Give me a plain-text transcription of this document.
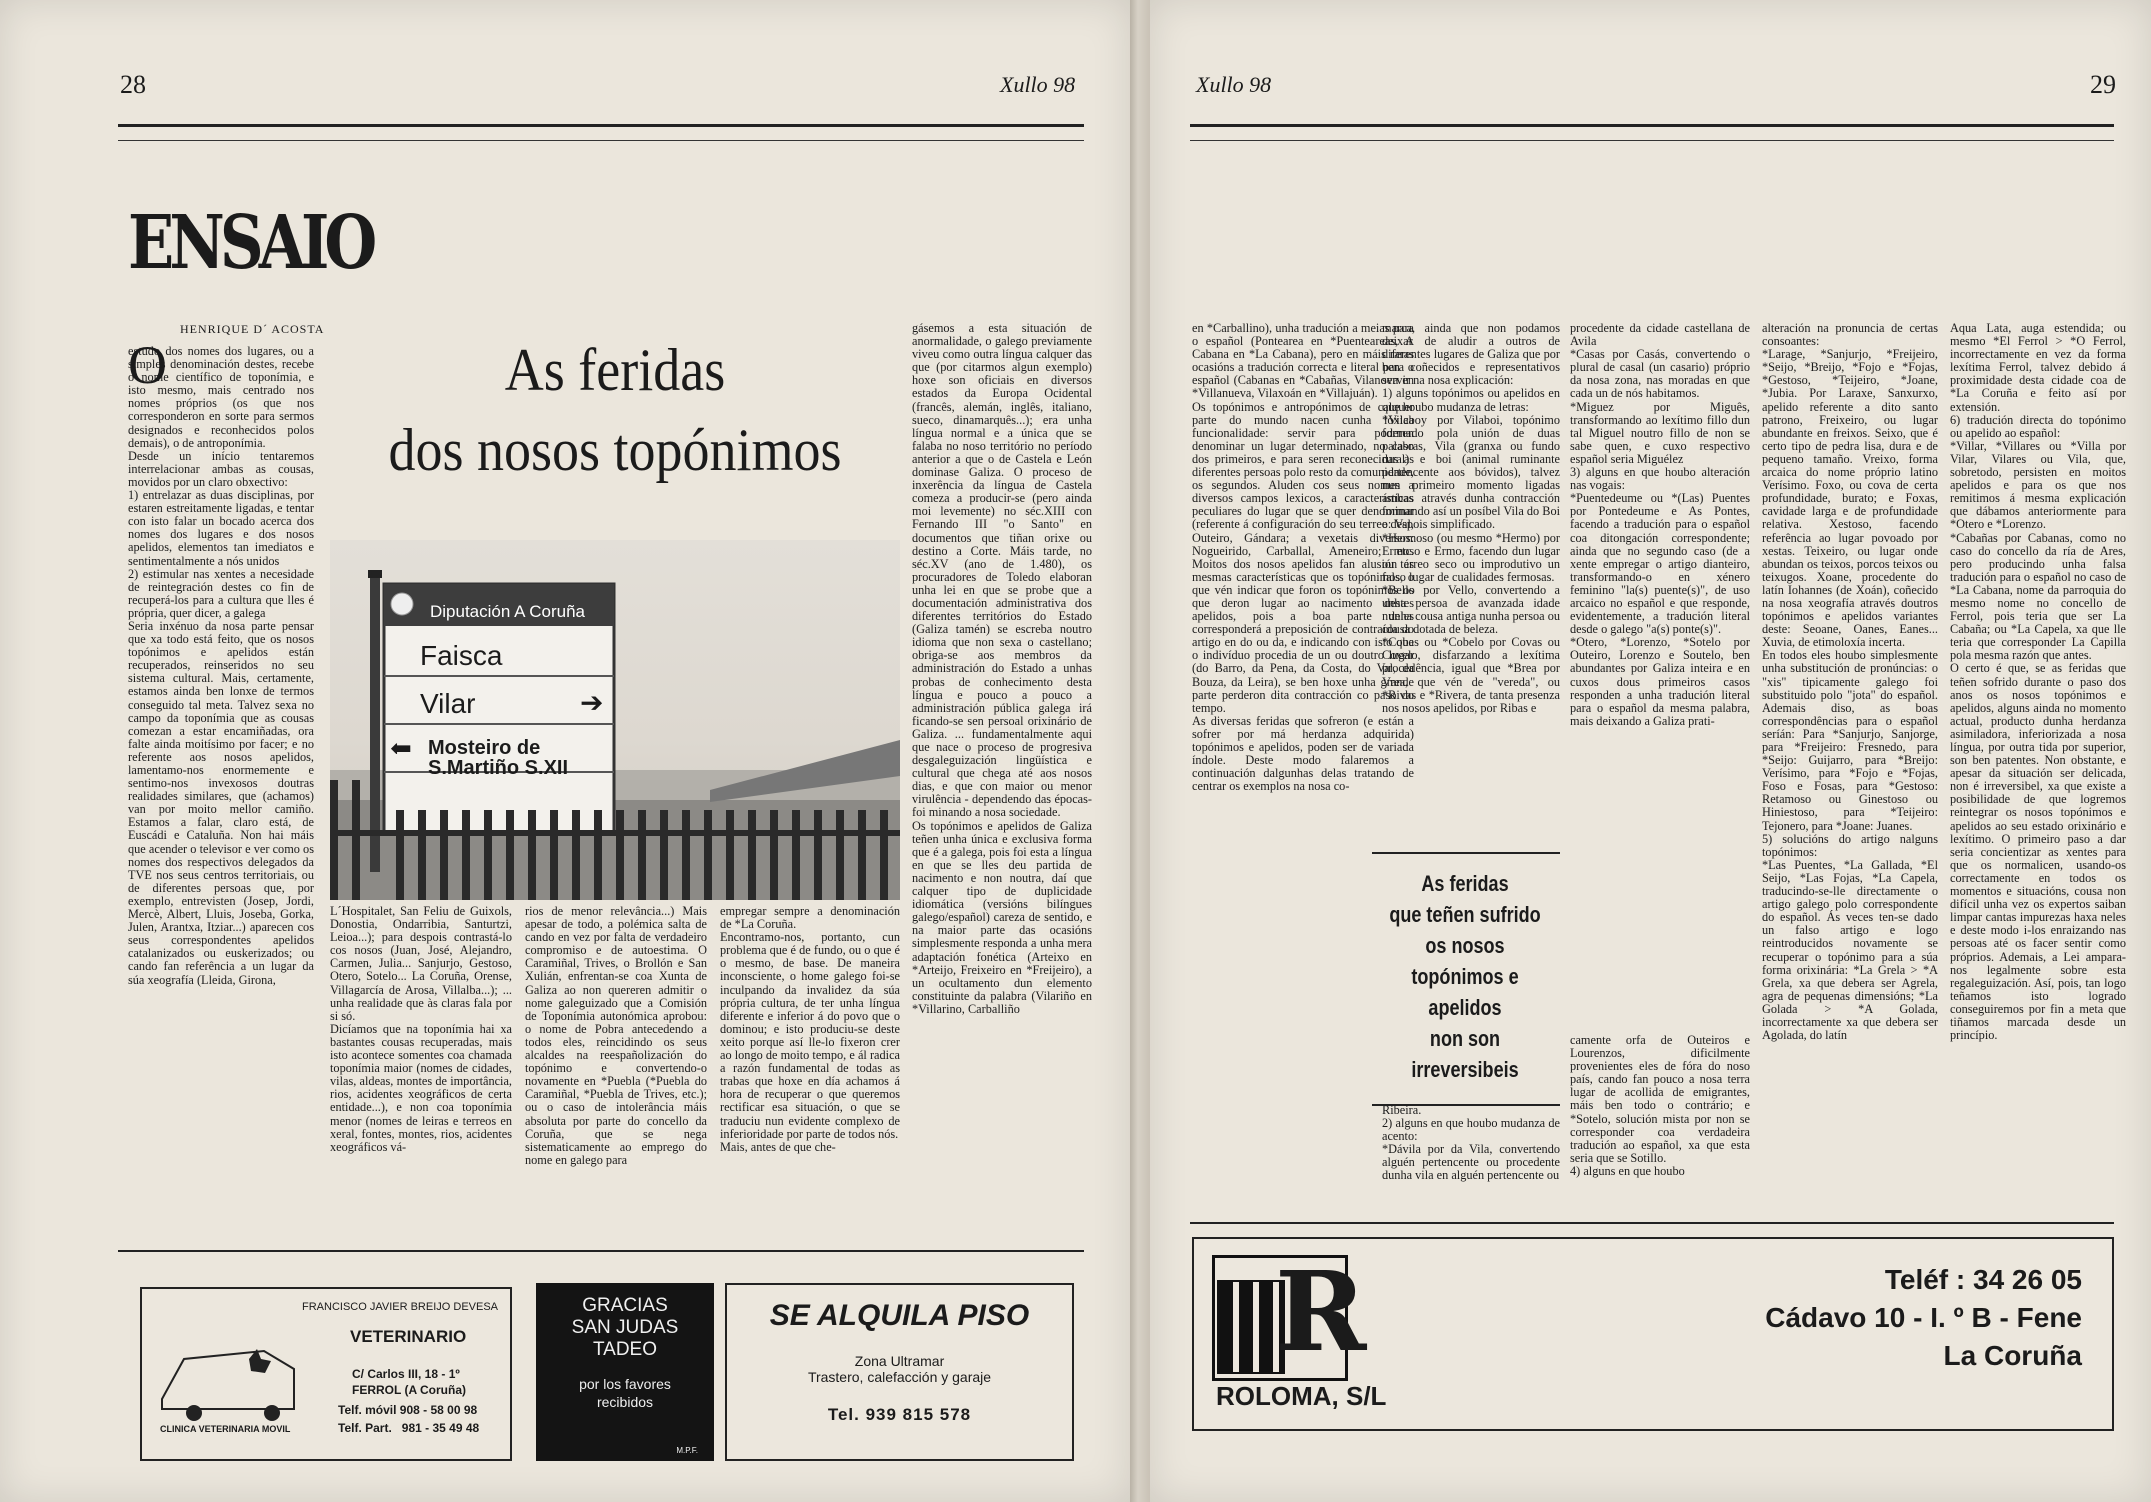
28	Xullo 98
ENSAIO
HENRIQUE D´ ACOSTA
O	As feridas
dos nosos topónimos
estudo dos nomes dos lugares, ou a simples denominación destes, recebe o nome científico de toponímia, e isto mesmo, mais centrado nos nomes próprios (os que nos corresponderon en sorte para sermos designados e reconhecidos polos demais), o de antroponímia.
Desde un início tentaremos interrelacionar ambas as cousas, movidos por un claro obxectivo:
1) entrelazar as duas disciplinas, por estaren estreitamente ligadas, e tentar con isto falar un bocado acerca dos nomes dos lugares e dos nosos apelidos, elementos tan imediatos e sentimentalmente a nós unidos
2) estimular nas xentes a necesidade de reintegración destes co fin de recuperá-los para a cultura que lles é própria, quer dicer, a galega
Seria inxénuo da nosa parte pensar que xa todo está feito, que os nosos topónimos e apelidos están recuperados, reinseridos no seu sistema cultural. Mais, certamente, estamos ainda ben lonxe de termos conseguido tal meta. Talvez sexa no campo da toponímia que as cousas comezan a estar encamiñadas, ora falte ainda moitísimo por facer; e no referente aos nosos apelidos, lamentamo-nos enormemente e sentimo-nos invexosos doutras realidades similares, que (achamos) van por moito mellor camiño. Estamos a falar, claro está, de Euscádi e Cataluña. Non hai máis que acender o televisor e ver como os nomes dos respectivos delegados da TVE nos seus centros territoriais, ou de diferentes persoas que, por exemplo, entrevisten (Josep, Jordi, Mercè, Albert, Lluis, Joseba, Gorka, Julen, Arantxa, Itziar...) aparecen cos seus correspondentes apelidos catalanizados ou euskerizados; ou cando fan referência a un lugar da súa xeografía (Lleida, Girona,
Diputación A Coruña
Faisca
Vilar	➔
⬅ Mosteiro de
S.Martiño S.XII
L´Hospitalet, San Feliu de Guixols, Donostia, Ondarribia, Santurtzi, Leioa...); para despois contrastá-lo cos nosos (Juan, José, Alejandro, Carmen, Julia... Sanjurjo, Gestoso, Otero, Sotelo... La Coruña, Orense, Villagarcía de Arosa, Villalba...); ... unha realidade que às claras fala por si só.
Dicíamos que na toponímia hai xa bastantes cousas recuperadas, mais isto acontece somentes coa chamada toponímia maior (nomes de cidades, vilas, aldeas, montes de importância, rios, acidentes xeográficos de certa entidade...), e non coa toponímia menor (nomes de leiras e terreos en xeral, fontes, montes, rios, acidentes xeográficos vá-
rios de menor relevância...) Mais apesar de todo, a polémica salta de cando en vez por falta de verdadeiro compromiso e de autoestima. O Caramiñal, Trives, o Brollón e San Xulián, enfrentan-se coa Xunta de Galiza ao non quereren admitir o nome galeguizado que a Comisión de Toponímia autonómica aprobou: o nome de Pobra antecedendo a todos eles, reincidindo os seus alcaldes na reespañolización do topónimo e convertendo-o novamente en *Puebla (*Puebla do Caramiñal, *Puebla de Trives, etc.); ou o caso de intolerância máis absoluta por parte do concello da Coruña, que se nega sistematicamente ao emprego do nome en galego para
empregar sempre a denominación de *La Coruña.
Encontramo-nos, portanto, cun problema que é de fundo, ou o que é o mesmo, de base. De maneira inconsciente, o home galego foi-se inculpando da invalidez da súa própria cultura, de ter unha língua diferente e inferior á do povo que o dominou; e isto produciu-se deste xeito porque así lle-lo fixeron crer ao longo de moito tempo, e ál radica a razón fundamental de todas as trabas que hoxe en día achamos á hora de recuperar o que queremos rectificar esa situación, o que se traduciu nun evidente complexo de inferioridade por parte de todos nós.
Mais, antes de que che-
gásemos a esta situación de anormalidade, o galego previamente viveu como outra língua calquer das que (por citarmos algun exemplo) hoxe son oficiais en diversos estados da Europa Ocidental (francês, alemán, inglês, italiano, sueco, dinamarquês...); era unha língua normal e a única que se falaba no noso território no período anterior a que o de Castela e León dominase Galiza. O proceso de inxerência da língua de Castela comeza a producir-se (pero ainda moi levemente) no séc.XIII con Fernando III "o Santo" en documentos que tiñan orixe ou destino a Corte. Máis tarde, no séc.XV (ano de 1.480), os procuradores de Toledo elaboran unha lei en que se probe que a documentación administrativa dos diferentes territórios do Estado (Galiza tamén) se escreba noutro idioma que non sexa o castellano; obriga-se aos membros da administración do Estado a unhas probas de conhecimento desta língua e pouco a pouco a administración pública galega irá ficando-se sen persoal orixinário de Galiza. ... fundamentalmente aqui que nace o proceso de progresiva desgaleguización lingüística e cultural que chega até aos nosos dias, e que con maior ou menor virulência - dependendo das épocas- foi minando a nosa sociedade.
Os topónimos e apelidos de Galiza teñen unha única e exclusiva forma que é a galega, pois foi esta a língua en que se lles deu partida de nacimento e non noutra, daí que calquer tipo de duplicidade idiomática (versións bilíngues galego/español) careza de sentido, e na maior parte das ocasións simplesmente responda a unha mera adaptación fonética (Arteixo en *Arteijo, Freixeiro en *Freijeiro), a un ocultamento dun elemento constituinte da palabra (Vilariño en *Villarino, Carballiño
FRANCISCO JAVIER BREIJO DEVESA
VETERINARIO
CLINICA VETERINARIA MOVIL
C/ Carlos III, 18 - 1º
FERROL (A Coruña)
Telf. móvil 908 - 58 00 98
Telf. Part.   981 - 35 49 48
GRACIAS
SAN JUDAS
TADEO
por los favores
recibidos
M.P.F.
SE ALQUILA PISO
Zona Ultramar
Trastero, calefacción y garaje
Tel. 939 815 578
Xullo 98	29
en *Carballino), unha tradución a meias para o español (Pontearea en *Puenteareas, A Cabana en *La Cabana), pero en máis raras ocasións a tradución correcta e literal para o español (Cabanas en *Cabañas, Vilanova en *Villanueva, Vilaxoán en *Villajuán).
Os topónimos e antropónimos de calquer parte do mundo nacen cunha lóxica funcionalidade: servir para poderen denominar un lugar determinado, no caso dos primeiros, e para seren reconecidas as diferentes persoas polo resto da comunidade, os segundos. Aluden cos seus nomes a diversos campos lexicos, a características peculiares do lugar que se quer denominar (referente á configuración do seu terreo: Val, Outeiro, Gándara; a vexetais diversos: Nogueirido, Carballal, Ameneiro; etc. Moitos dos nosos apelidos fan alusión ás mesmas características que os topónimos, o que vén indicar que foron os topónimos os que deron lugar ao nacimento destes apelidos, pois a boa parte deles corresponderá a preposición de contraída do artigo en do ou da, e indicando con isto que o indivíduo procedia de un ou doutro lugar (do Barro, da Pena, da Costa, do Val, da Bouza, da Leira), se ben hoxe unha grande parte perderon dita contracción co paso do tempo.
As diversas feridas que sofreron (e están a sofrer por má herdanza adquirida) topónimos e apelidos, poden ser de variada índole. Deste modo falaremos a continuación dalgunhas delas tratando de centrar os exemplos na nosa co-
marca, ainda que non podamos deixar de aludir a outros de diferentes lugares de Galiza que por ben coñecidos e representativos servir na nosa explicación:
1) alguns topónimos ou apelidos en que houbo mudanza de letras:
*Vilaboy por Vilaboi, topónimo formado pola unión de duas palabras, Vila (granxa ou fundo rural) e boi (animal ruminante pertencente aos bóvidos), talvez nun primeiro momento ligadas ambas através dunha contracción formando así un posíbel Vila do Boi e despois simplificado.
*Hermoso (ou mesmo *Hermo) por Ermoso e Ermo, facendo dun lugar ou terreo seco ou improdutivo un falso lugar de cualidades fermosas.
*Bello por Vello, convertendo a unha persoa de avanzada idade nunha cousa antiga nunha persoa ou cousa dotada de beleza.
*Cobas ou *Cobelo por Covas ou Covelo, disfarzando a lexítima procedência, igual que *Brea por Vrea, que vén de "vereda", ou *Rivas e *Rivera, de tanta presenza nos nosos apelidos, por Ribas e
procedente da cidade castellana de Avila
*Casas por Casás, convertendo o plural de casal (un casario) próprio da nosa zona, nas moradas en que cada un de nós habitamos.
*Miguez por Miguês, transformando ao lexítimo fillo dun tal Miguel noutro fillo de non se sabe quen, e cuxo respectivo español seria Miguélez
3) alguns en que houbo alteración nas vogais:
*Puentedeume ou *(Las) Puentes por Pontedeume e As Pontes, facendo a tradución para o español coa ditongación correspondente; ainda que no segundo caso (de a xente empregar o artigo dianteiro, transformando-o en xénero feminino "la(s) puente(s)", de uso arcaico no español e que responde, evidentemente, a tradución literal desde o galego "a(s) ponte(s)".
*Otero, *Lorenzo, *Sotelo por Outeiro, Lorenzo e Soutelo, ben abundantes por Galiza inteira e en cuxos dous primeiros casos responden a unha tradución literal para o español da mesma palabra, mais deixando a Galiza prati-
camente orfa de Outeiros e Lourenzos, dificilmente provenientes eles de fóra do noso país, cando fan pouco a nosa terra lugar de acollida de emigrantes, máis ben todo o contrário; e *Sotelo, solución mista por non se corresponder coa verdadeira tradución ao español, xa que esta seria que se Sotillo.
4) alguns en que houbo
Ribeira.
2) alguns en que houbo mudanza de acento:
*Dávila por da Vila, convertendo alguén pertencente ou procedente dunha vila en alguén pertencente ou
alteración na pronuncia de certas consoantes:
*Larage, *Sanjurjo, *Freijeiro, *Seijo, *Breijo, *Fojo e *Fojas, *Gestoso, *Teijeiro, *Joane, *Jubia. Por Laraxe, Sanxurxo, apelido referente a dito santo patrono, Freixeiro, ou lugar abundante en freixos. Seixo, que é certo tipo de pedra lisa, dura e de pequeno tamaño. Vreixo, forma arcaica do nome próprio latino Verísimo. Foxo, ou cova de certa profundidade, burato; e Foxas, cavidade larga e de profundidade relativa. Xestoso, facendo referência ao lugar povoado por xestas. Teixeiro, ou lugar onde abundan os teixos, porcos teixos ou teixugos. Xoane, procedente do latín Iohannes (de Xoán), coñecido na nosa xeografía através doutros topónimos e apelidos variantes deste: Seoane, Oanes, Eanes... Xuvia, de etimoloxía incerta.
En todos eles houbo simplesmente unha substitución de pronúncias: o "xis" tipicamente galego foi substituido polo "jota" do español. Ademais diso, as boas correspondências para o español seríán: Para *Sanjurjo, Sanjorge, para *Freijeiro: Fresnedo, para *Seijo: Guijarro, para *Breijo: Verísimo, para *Fojo e *Fojas, Foso e Fosas, para *Gestoso: Retamoso ou Ginestoso ou Hiniestoso, para *Teijeiro: Tejonero, para *Joane: Juanes.
5) solucións do artigo nalguns topónimos:
*Las Puentes, *La Gallada, *El Seijo, *Las Fojas, *La Capela, traducindo-se-lle directamente o artigo galego polo correspondente do español. Ás veces ten-se dado un falso artigo e logo reintroducidos novamente se recuperar o topónimo para a súa forma orixinária: *La Grela > *A Grela, xa que debera ser Agrela, agra de pequenas dimensións; *La Golada > *A Golada, incorrectamente xa que debera ser Agolada, do latín
Aqua Lata, auga estendida; ou mesmo *El Ferrol > *O Ferrol, incorrectamente en vez da forma lexítima Ferrol, talvez debido á proximidade desta cidade coa de *La Coruña e feito así por extensión.
6) tradución directa do topónimo ou apelido ao español:
*Villar, *Villares ou *Villa por Vilar, Vilares ou Vila, que, sobretodo, persisten en moitos apelidos e para os que nos remitimos á mesma explicación que dábamos anteriormente para *Otero e *Lorenzo.
*Cabañas por Cabanas, como no caso do concello da ría de Ares, pero producindo unha falsa tradución para o español no caso de *La Cabana, nome da parroquia do mesmo nome no concello de Ferrol, pois teria que ser La Cabaña; ou *La Capela, xa que lle teria que corresponder La Capilla pola mesma razón que antes.
O certo é que, se as feridas que teñen sofrido durante o paso dos anos os nosos topónimos e apelidos, alguns ainda no momento actual, producto dunha herdanza asimiladora, inferiorizada a nosa língua, por outra tida por superior, son ben patentes. Non obstante, e apesar da situación ser delicada, non é irreversibel, xa que existe a posibilidade de que logremos reintegrar os nosos topónimos e apelidos ao seu estado orixinário e lexítimo. O primeiro paso a dar seria concientizar as xentes para que os normalicen, usando-os correctamente en todos os momentos e situacións, cousa non difícil unha vez os expertos saiban limpar cantas impurezas haxa neles e deste modo i-los enraizando nas persoas até os facer sentir como próprios. Ademais, a Lei ampara-nos legalmente sobre esta regaleguización. Así, pois, tan logo teñamos isto logrado conseguiremos por fin a meta que tiñamos marcada desde un princípio.
As feridas
que teñen sufrido
os nosos
topónimos e
apelidos
non son
irreversibeis
R
ROLOMA, S/L
Teléf : 34 26 05
Cádavo 10 - I. º B - Fene
La Coruña
